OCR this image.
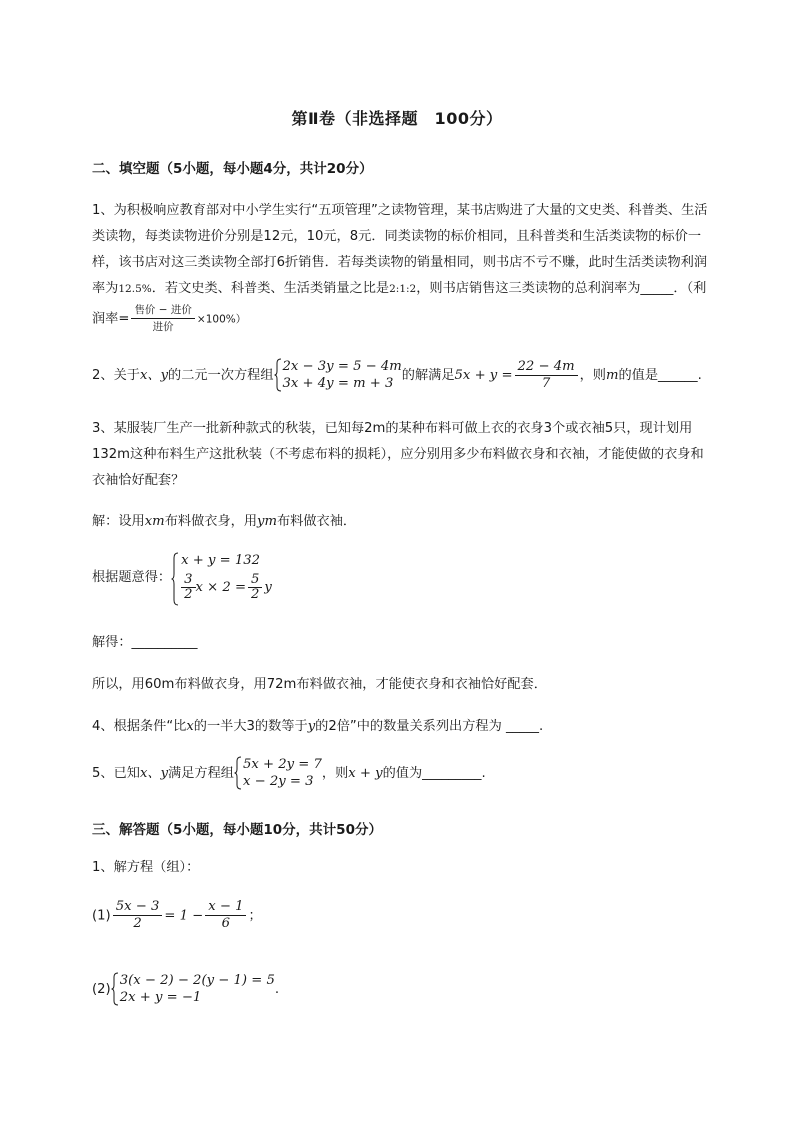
第Ⅱ卷（非选择题　100分）
二、填空题（5小题，每小题4分，共计20分）
1、为积极响应教育部对中小学生实行“五项管理”之读物管理，某书店购进了大量的文史类、科普类、生活类读物，每类读物进价分别是12元，10元，8元．同类读物的标价相同，且科普类和生活类读物的标价一样，该书店对这三类读物全部打6折销售．若每类读物的销量相同，则书店不亏不赚，此时生活类读物利润率为12.5%．若文史类、科普类、生活类销量之比是2:1:2，则书店销售这三类读物的总利润率为_____．（利润率= $\frac{\text{售价 − 进价}}{\text{进价}} \times 100\%$）
2、关于x、y的二元一次方程组
2x − 3y = 5 − 4m
3x + 4y = m + 3
的解满足$5x + y = \frac{22 - 4m}{7}$ ，则m的值是______.
3、某服装厂生产一批新种款式的秋装，已知每2m的某种布料可做上衣的衣身3个或衣袖5只，现计划用132m这种布料生产这批秋装（不考虑布料的损耗），应分别用多少布料做衣身和衣袖，才能使做的衣身和衣袖恰好配套？
解：设用xm布料做衣身，用ym布料做衣袖．
根据题意得：
x + y = 132
$\frac{3}{2}$ $x \times 2 = \frac{5}{2}$ y
解得：__________
所以，用60m布料做衣身，用72m布料做衣袖，才能使衣身和衣袖恰好配套．
4、根据条件“比x的一半大3的数等于y的2倍”中的数量关系列出方程为 _____.
5、已知x、y满足方程组
5x + 2y = 7
x − 2y = 3
，则x + y的值为_________.
三、解答题（5小题，每小题10分，共计50分）
1、解方程（组）：
$(1) \frac{5x - 3}{2} = 1 - \frac{x - 1}{6}$ ；
(2)
3(x − 2) − 2(y − 1) = 5
2x + y = −1
.
